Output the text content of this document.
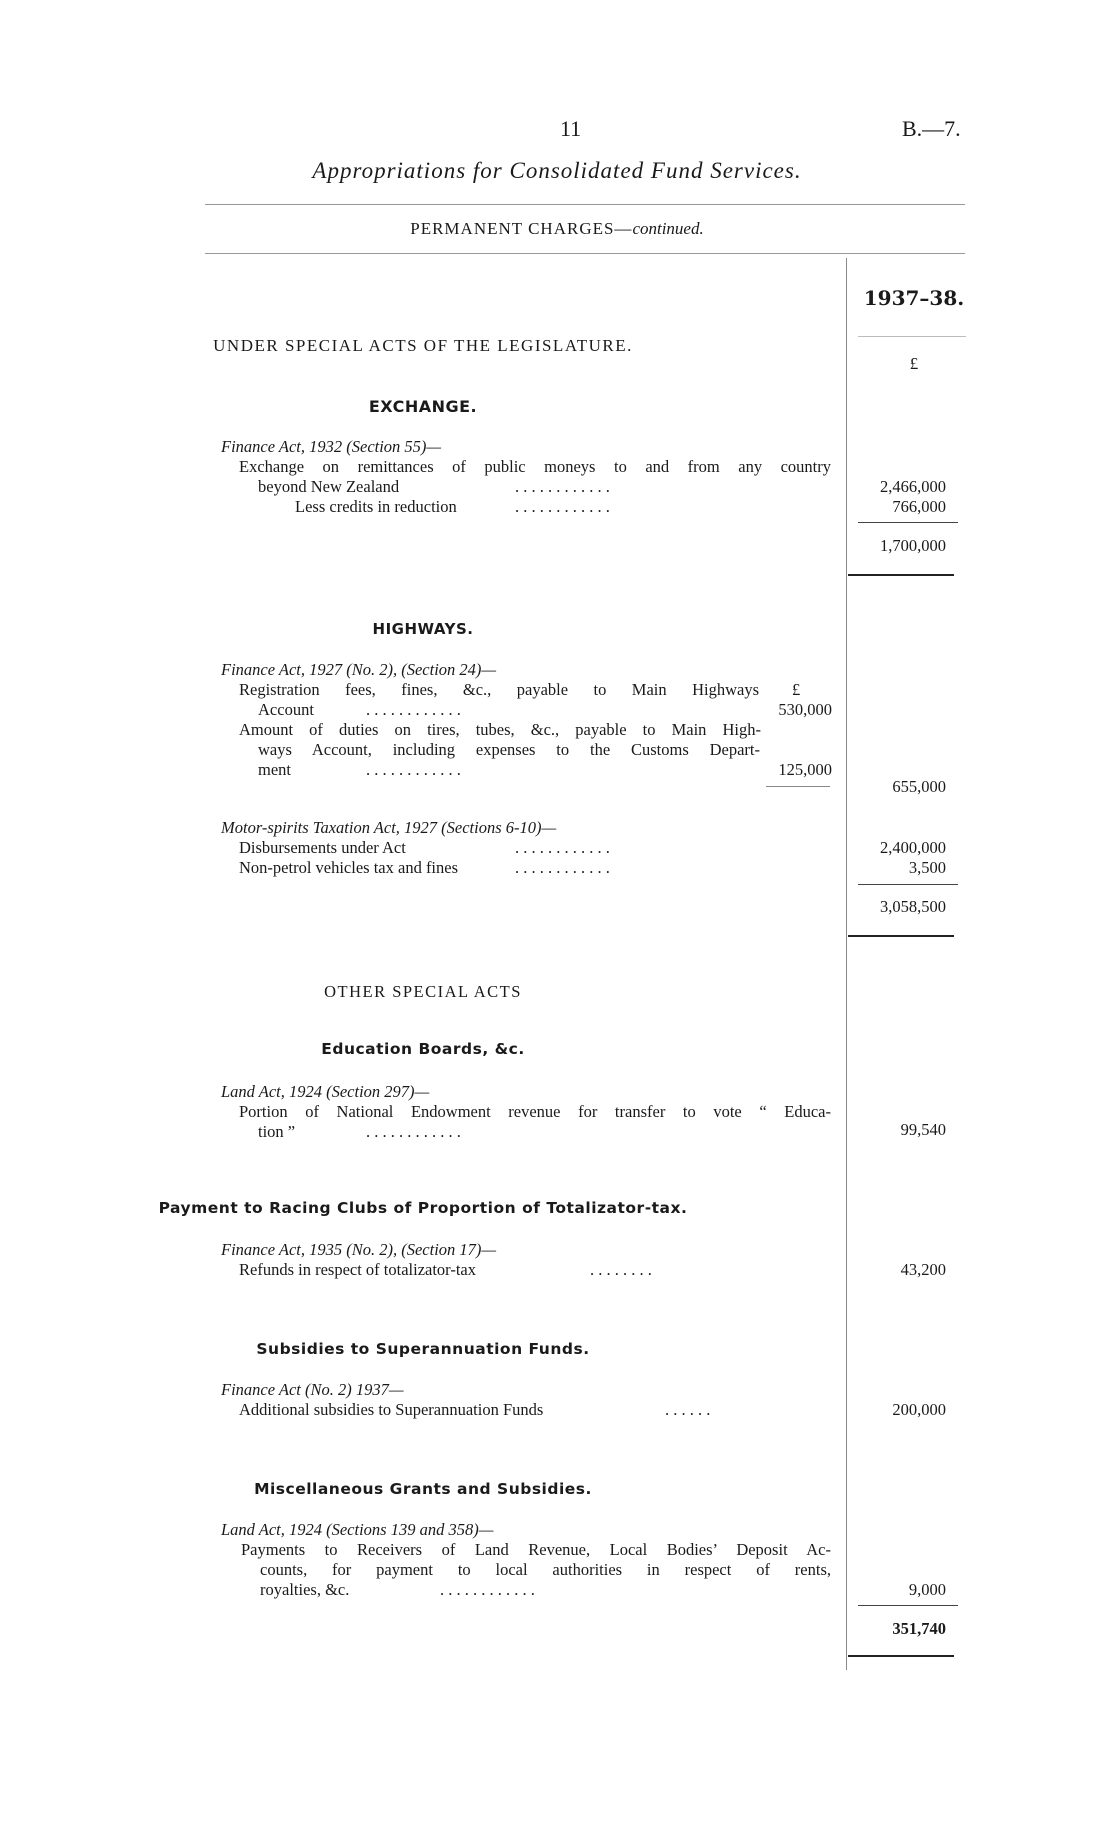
11	B.—7.
Appropriations for Consolidated Fund Services.
PERMANENT CHARGES—continued.
1937–38.
£
UNDER SPECIAL ACTS OF THE LEGISLATURE.
EXCHANGE.
Finance Act, 1932 (Section 55)—
Exchange on remittances of public moneys to and from any country
beyond New Zealand	. . . . . . . . . . . .	2,466,000
Less credits in reduction	. . . . . . . . . . . .	766,000
1,700,000
HIGHWAYS.
Finance Act, 1927 (No. 2), (Section 24)—
Registration fees, fines, &c., payable to Main Highways £
Account	. . . . . . . . . . . .	530,000
Amount of duties on tires, tubes, &c., payable to Main High-
ways Account, including expenses to the Customs Depart-
ment	. . . . . . . . . . . .	125,000
655,000
Motor-spirits Taxation Act, 1927 (Sections 6-10)—
Disbursements under Act	. . . . . . . . . . . .	2,400,000
Non-petrol vehicles tax and fines	. . . . . . . . . . . .	3,500
3,058,500
OTHER SPECIAL ACTS
Education Boards, &c.
Land Act, 1924 (Section 297)—
Portion of National Endowment revenue for transfer to vote “ Educa-
tion ”	. . . . . . . . . . . .	99,540
Payment to Racing Clubs of Proportion of Totalizator-tax.
Finance Act, 1935 (No. 2), (Section 17)—
Refunds in respect of totalizator-tax	. . . . . . . .	43,200
Subsidies to Superannuation Funds.
Finance Act (No. 2) 1937—
Additional subsidies to Superannuation Funds	. . . . . .	200,000
Miscellaneous Grants and Subsidies.
Land Act, 1924 (Sections 139 and 358)—
Payments to Receivers of Land Revenue, Local Bodies’ Deposit Ac-
counts, for payment to local authorities in respect of rents,
royalties, &c.	. . . . . . . . . . . .	9,000
351,740
